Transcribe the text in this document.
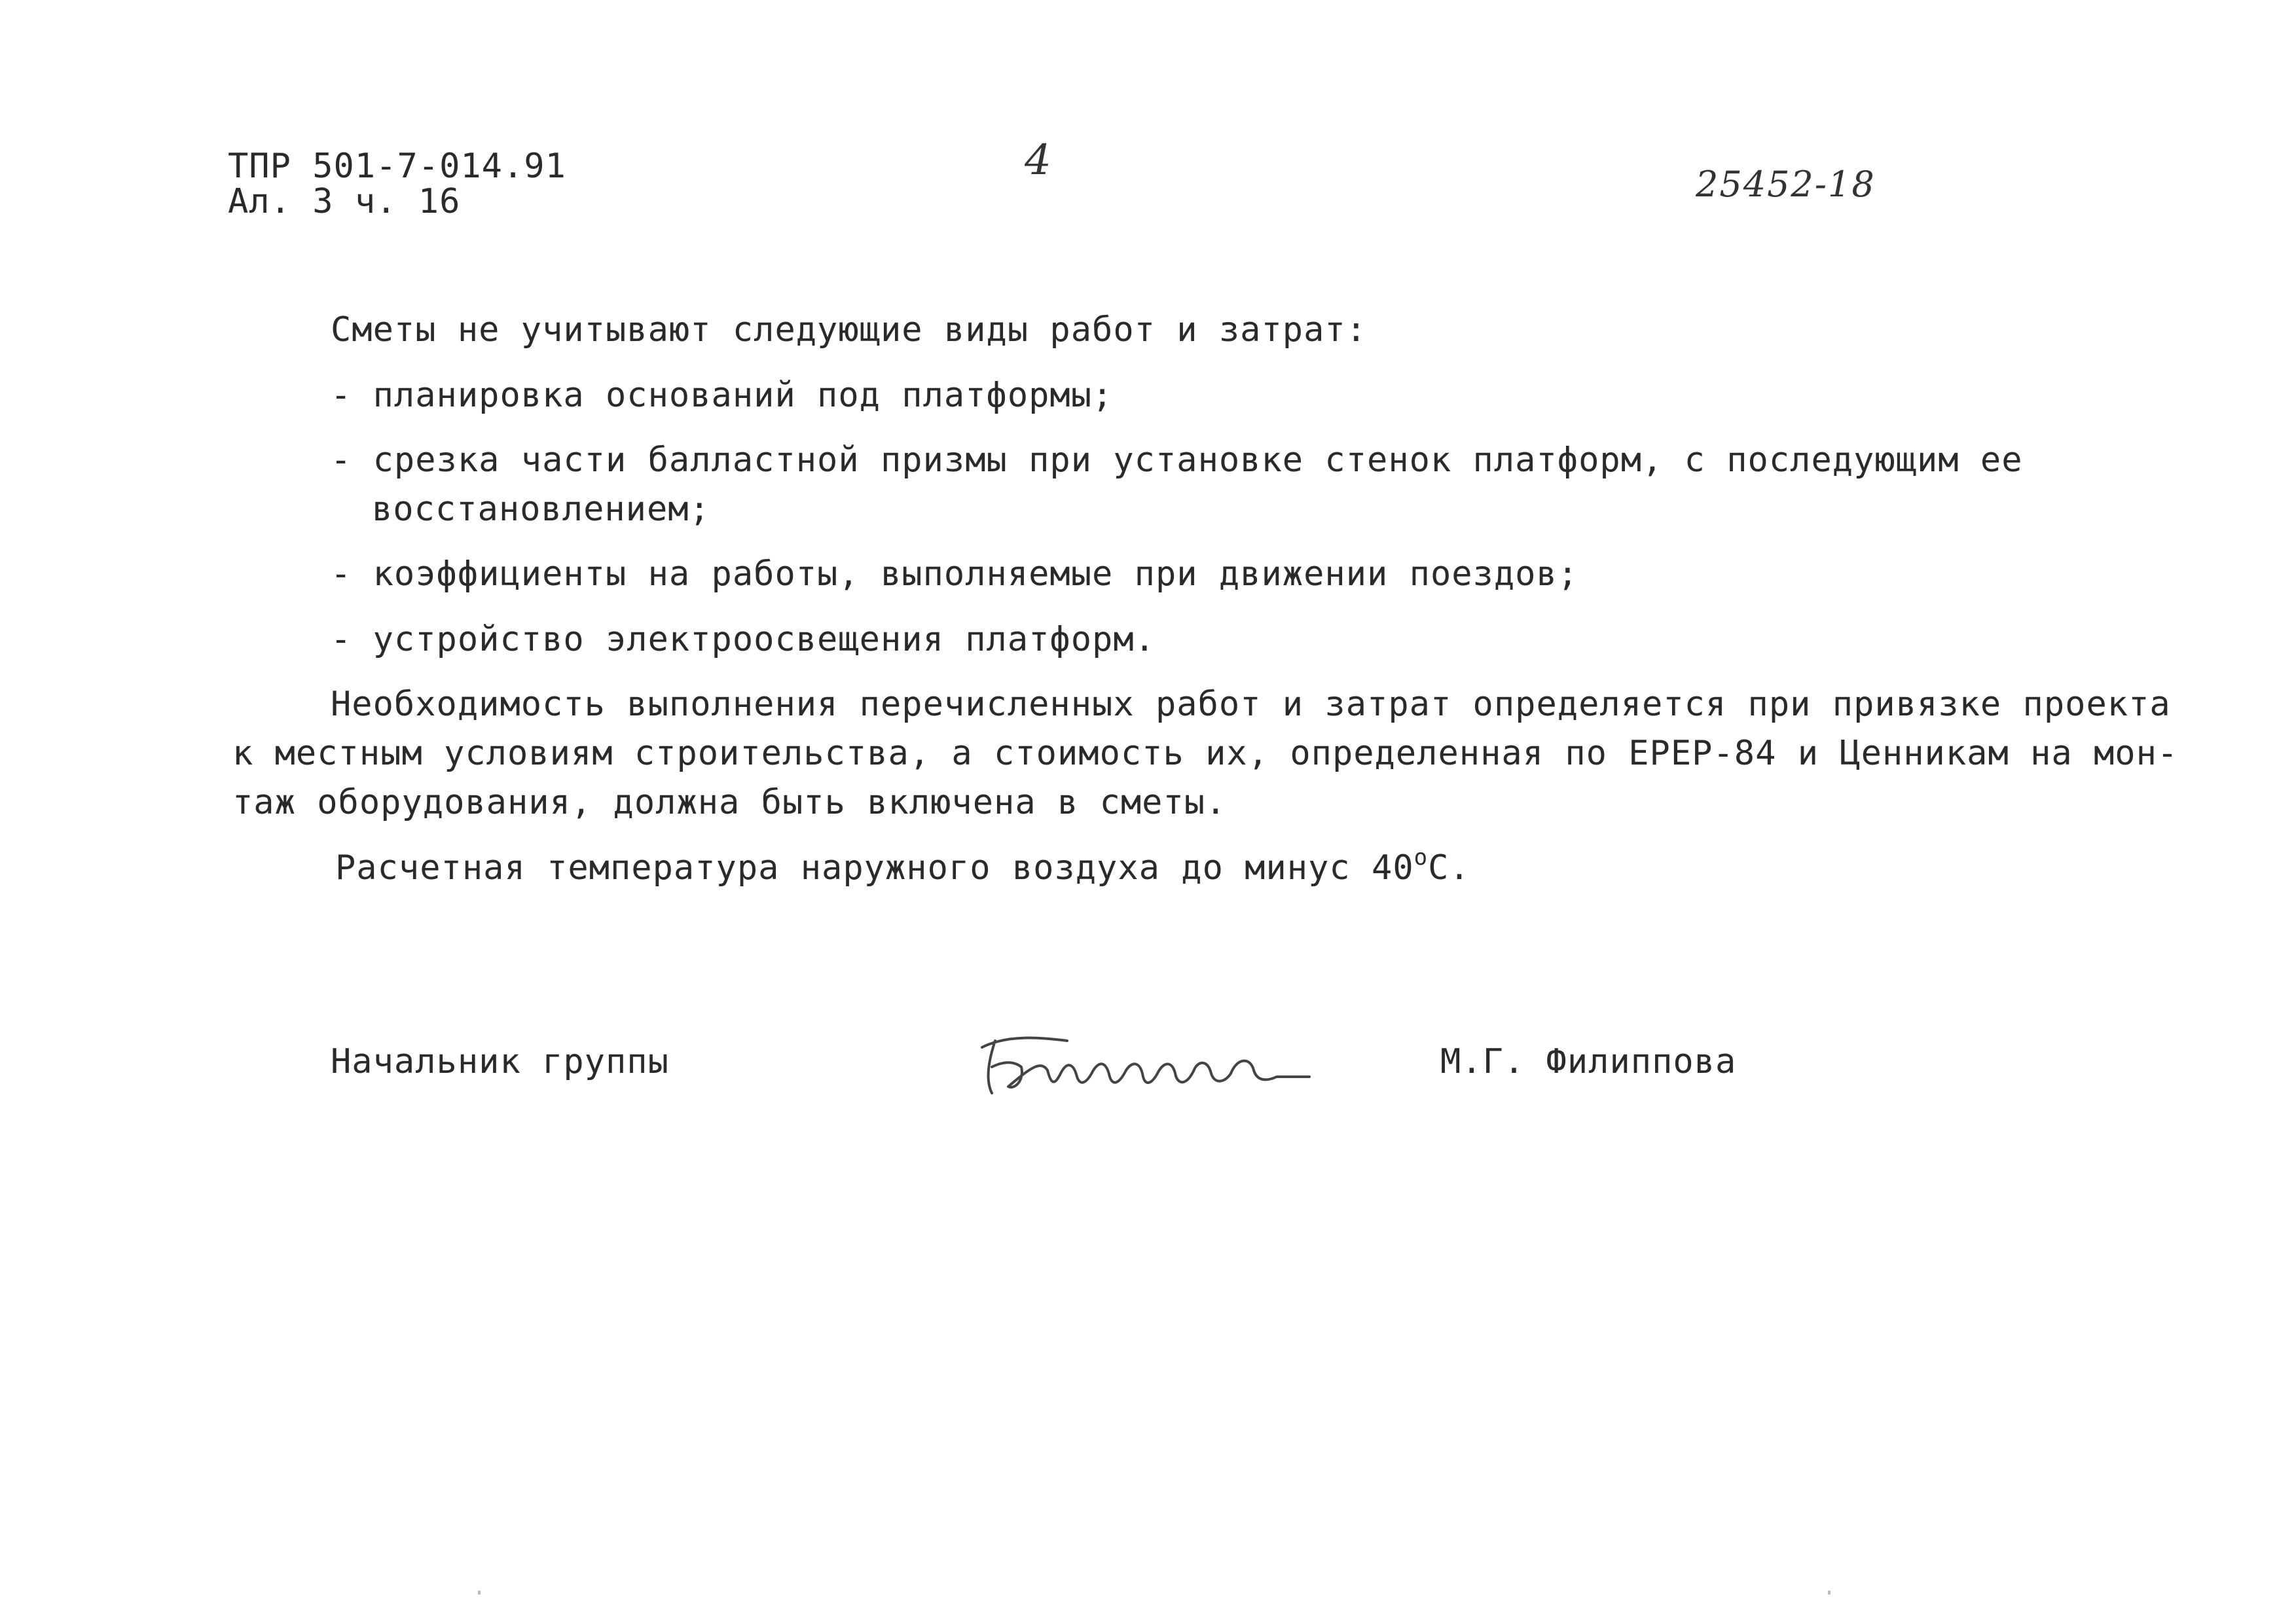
ТПР 501-7-014.91
Ал. 3 ч. 16
4	25452-18
Сметы не учитывают следующие виды работ и затрат:
- планировка оснований под платформы;
- срезка части балластной призмы при установке стенок платформ, с последующим ее
восстановлением;
- коэффициенты на работы, выполняемые при движении поездов;
- устройство электроосвещения платформ.
Необходимость выполнения перечисленных работ и затрат определяется при привязке проекта
к местным условиям строительства, а стоимость их, определенная по ЕРЕР-84 и Ценникам на мон-
таж оборудования, должна быть включена в сметы.
Расчетная температура наружного воздуха до минус $40^оС$.
Начальник группы	М.Г. Филиппова
